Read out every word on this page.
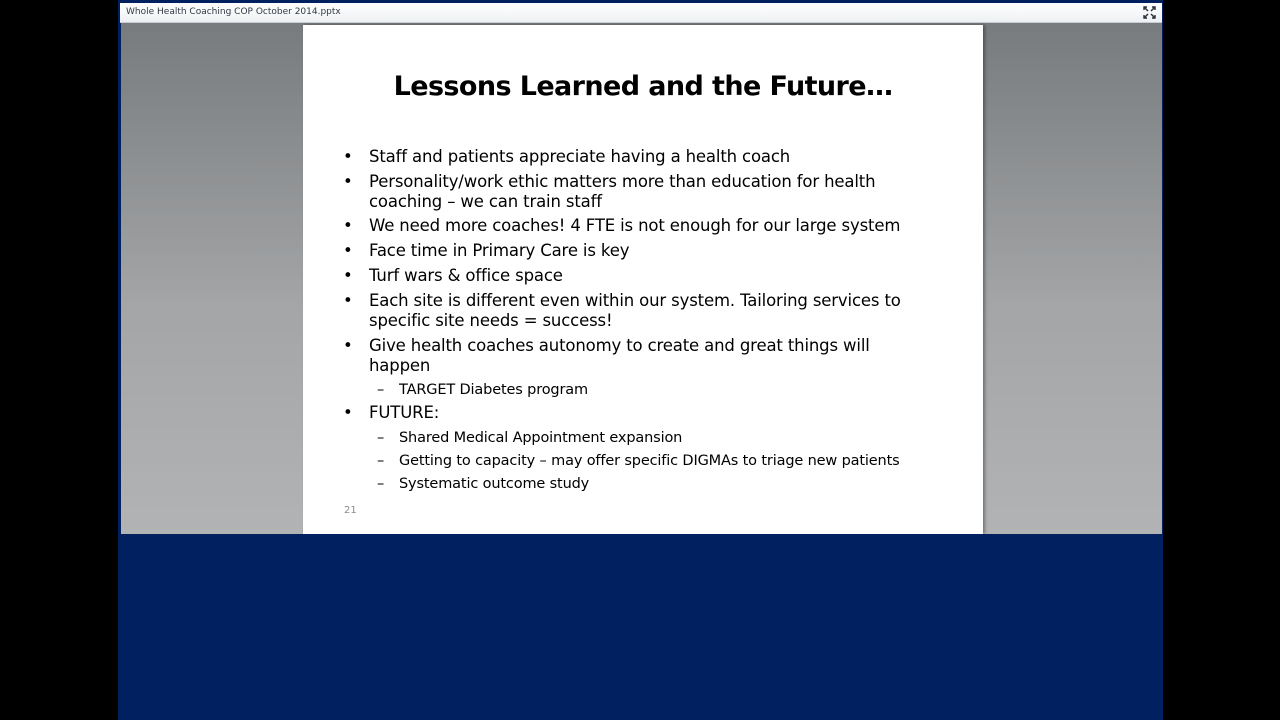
Whole Health Coaching COP October 2014.pptx
Lessons Learned and the Future…
• Staff and patients appreciate having a health coach
• Personality/work ethic matters more than education for health coaching – we can train staff
• We need more coaches! 4 FTE is not enough for our large system
• Face time in Primary Care is key
• Turf wars & office space
• Each site is different even within our system. Tailoring services to specific site needs = success!
• Give health coaches autonomy to create and great things will happen
– TARGET Diabetes program
• FUTURE:
– Shared Medical Appointment expansion
– Getting to capacity – may offer specific DIGMAs to triage new patients
– Systematic outcome study
21
